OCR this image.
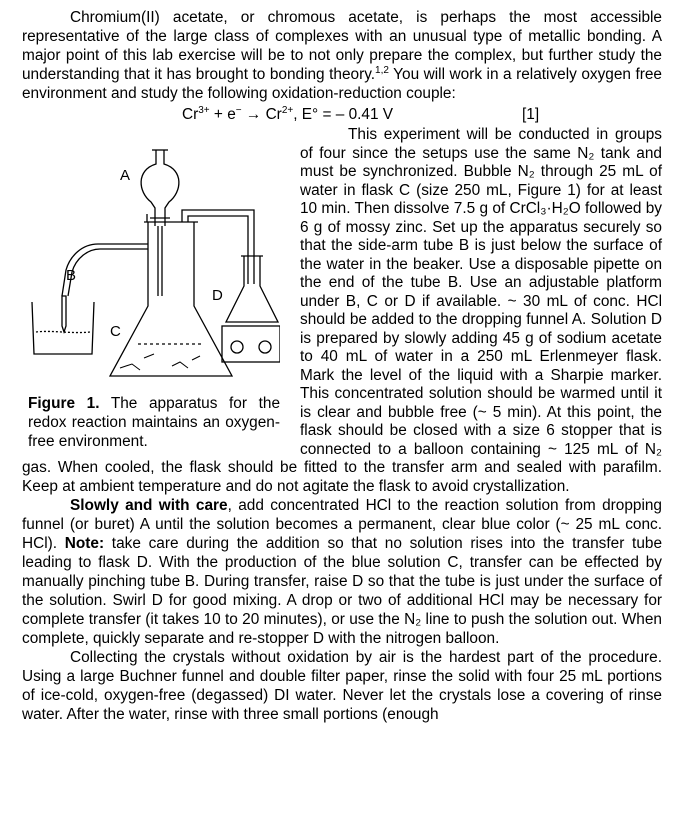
Chromium(II) acetate, or chromous acetate, is perhaps the most accessible representative of the large class of complexes with an unusual type of metallic bonding. A major point of this lab exercise will be to not only prepare the complex, but further study the understanding that it has brought to bonding theory.$^{1,2}$ You will work in a relatively oxygen free environment and study the following oxidation-reduction couple:

$Cr^{3+} + e^- \to Cr^{2+}$, E° = – 0.41 V	[1]
A
B
C
D
Figure 1. The apparatus for the redox reaction maintains an oxygen-free environment.

This experiment will be conducted in groups of four since the setups use the same N₂ tank and must be synchronized. Bubble N₂ through 25 mL of water in flask C (size 250 mL, Figure 1) for at least 10 min. Then dissolve 7.5 g of CrCl₃·H₂O followed by 6 g of mossy zinc. Set up the apparatus securely so that the side-arm tube B is just below the surface of the water in the beaker. Use a disposable pipette on the end of the tube B. Use an adjustable platform under B, C or D if available. ~ 30 mL of conc. HCl should be added to the dropping funnel A. Solution D is prepared by slowly adding 45 g of sodium acetate to 40 mL of water in a 250 mL Erlenmeyer flask. Mark the level of the liquid with a Sharpie marker. This concentrated solution should be warmed until it is clear and bubble free (~ 5 min). At this point, the flask should be closed with a size 6 stopper that is connected to a balloon containing ~ 125 mL of N₂ gas. When cooled, the flask should be fitted to the transfer arm and sealed with parafilm. Keep at ambient temperature and do not agitate the flask to avoid crystallization.

Slowly and with care, add concentrated HCl to the reaction solution from dropping funnel (or buret) A until the solution becomes a permanent, clear blue color (~ 25 mL conc. HCl). Note: take care during the addition so that no solution rises into the transfer tube leading to flask D. With the production of the blue solution C, transfer can be effected by manually pinching tube B. During transfer, raise D so that the tube is just under the surface of the solution. Swirl D for good mixing. A drop or two of additional HCl may be necessary for complete transfer (it takes 10 to 20 minutes), or use the N₂ line to push the solution out. When complete, quickly separate and re-stopper D with the nitrogen balloon.

Collecting the crystals without oxidation by air is the hardest part of the procedure. Using a large Buchner funnel and double filter paper, rinse the solid with four 25 mL portions of ice-cold, oxygen-free (degassed) DI water. Never let the crystals lose a covering of rinse water. After the water, rinse with three small portions (enough
